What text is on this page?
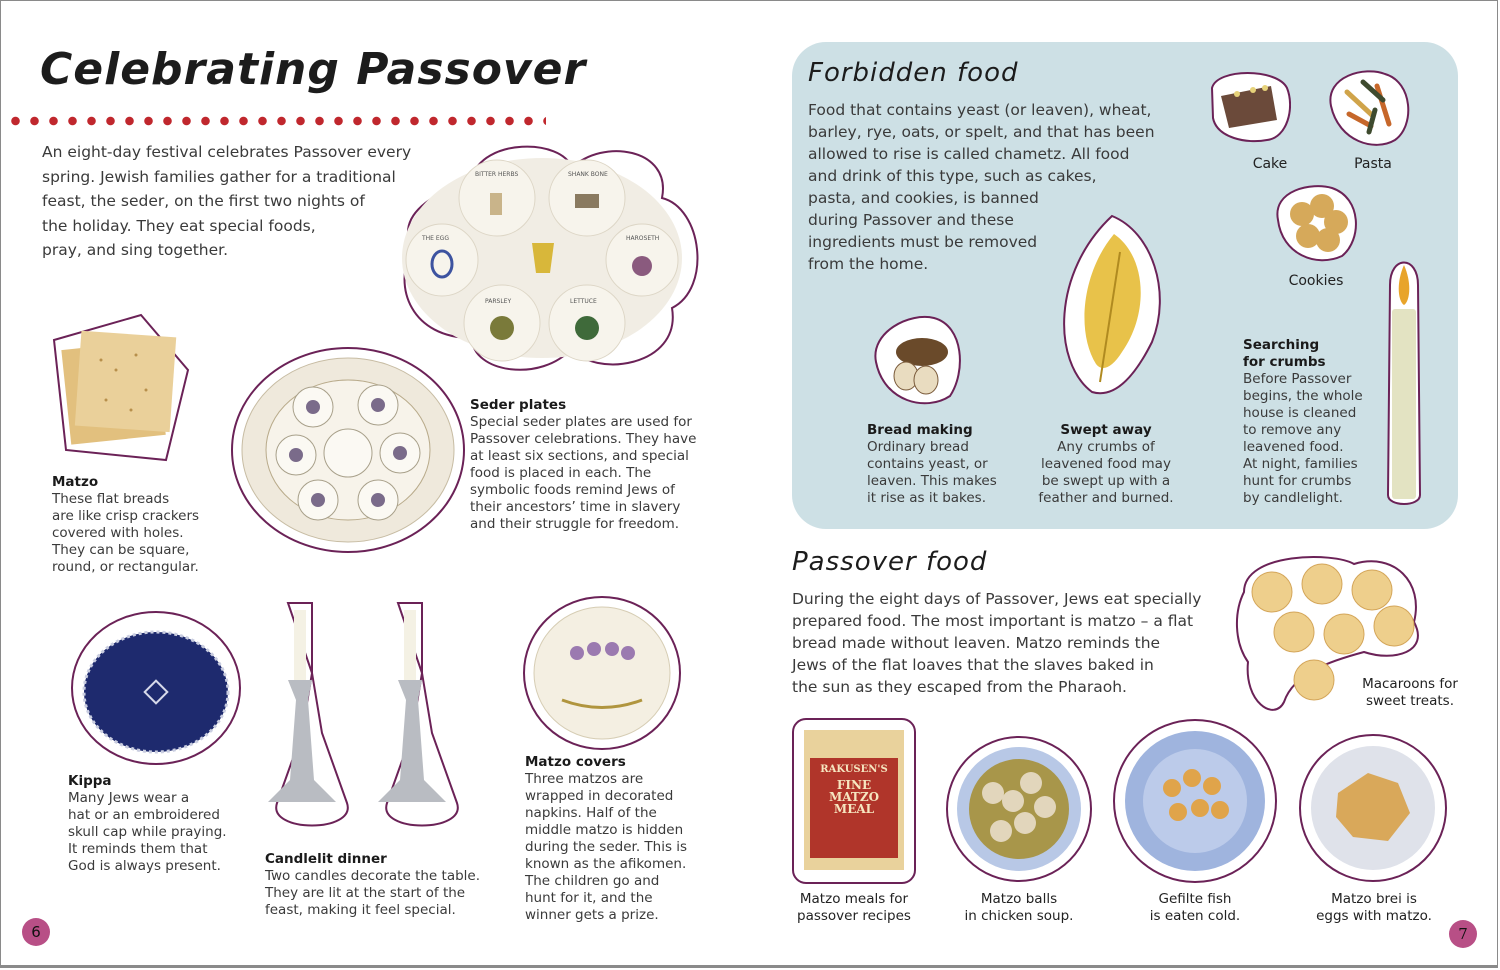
Celebrating Passover
An eight-day festival celebrates Passover every
spring. Jewish families gather for a traditional
feast, the seder, on the first two nights of
the holiday. They eat special foods,
pray, and sing together.
BITTER HERBS	SHANK BONE
THE EGG	HAROSETH
PARSLEY	LETTUCE
Seder plates
Special seder plates are used for
Passover celebrations. They have
at least six sections, and special
food is placed in each. The
symbolic foods remind Jews of
their ancestors’ time in slavery
and their struggle for freedom.
Matzo
These flat breads
are like crisp crackers
covered with holes.
They can be square,
round, or rectangular.
Kippa
Many Jews wear a
hat or an embroidered
skull cap while praying.
It reminds them that
God is always present.	Candlelit dinner
Two candles decorate the table.
They are lit at the start of the
feast, making it feel special.
Matzo covers
Three matzos are
wrapped in decorated
napkins. Half of the
middle matzo is hidden
during the seder. This is
known as the afikomen.
The children go and
hunt for it, and the
winner gets a prize.
6
Forbidden food
Food that contains yeast (or leaven), wheat,
barley, rye, oats, or spelt, and that has been
allowed to rise is called chametz. All food
and drink of this type, such as cakes,
pasta, and cookies, is banned
during Passover and these
ingredients must be removed
from the home.
Cake	Pasta
Cookies
Bread making
Ordinary bread
contains yeast, or
leaven. This makes
it rise as it bakes.
Swept away
Any crumbs of
leavened food may
be swept up with a
feather and burned.
Searching
for crumbs
Before Passover
begins, the whole
house is cleaned
to remove any
leavened food.
At night, families
hunt for crumbs
by candlelight.
Passover food
During the eight days of Passover, Jews eat specially
prepared food. The most important is matzo – a flat
bread made without leaven. Matzo reminds the
Jews of the flat loaves that the slaves baked in
the sun as they escaped from the Pharaoh.	Macaroons for
sweet treats.
RAKUSEN'S
FINE
MATZO
MEAL
Matzo meals for
passover recipes
Matzo balls
in chicken soup.
Gefilte fish
is eaten cold.
Matzo brei is
eggs with matzo.
7
